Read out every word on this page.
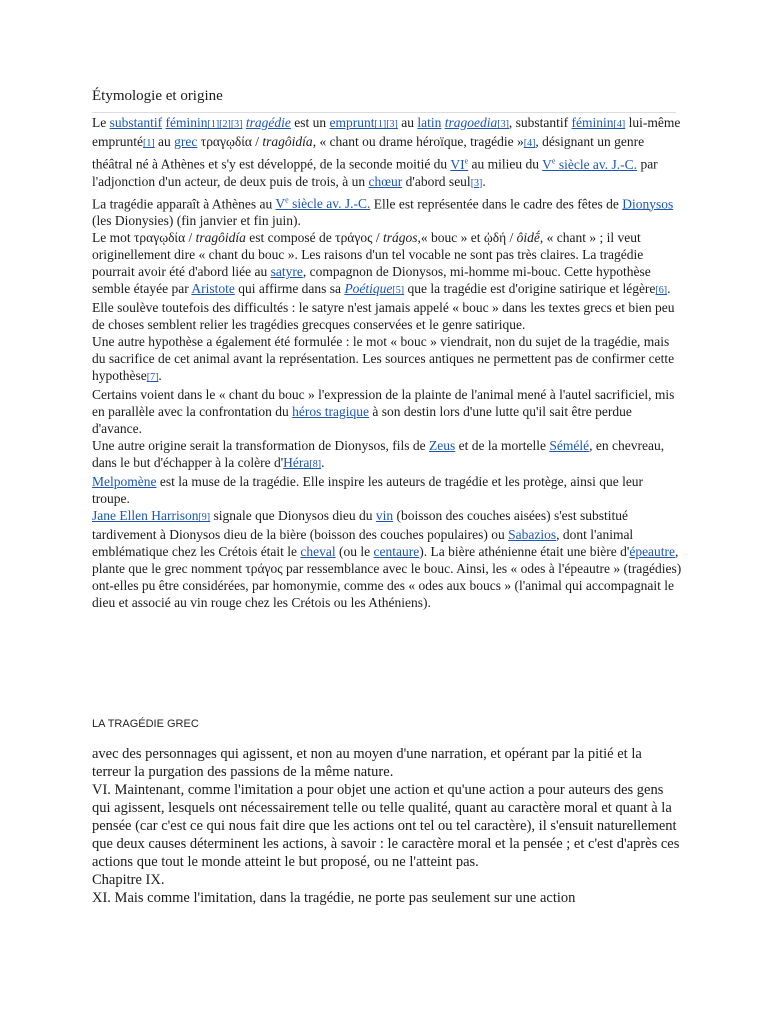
Étymologie et origine

Le substantif féminin[1][2][3] tragédie est un emprunt[1][3] au latin tragoedia[3], substantif féminin[4] lui-même emprunté[1] au grec τραγῳδία / tragôidía, « chant ou drame héroïque, tragédie »[4], désignant un genre théâtral né à Athènes et s'y est développé, de la seconde moitié du VIe au milieu du Ve siècle av. J.-C. par l'adjonction d'un acteur, de deux puis de trois, à un chœur d'abord seul[3].

La tragédie apparaît à Athènes au Ve siècle av. J.-C. Elle est représentée dans le cadre des fêtes de Dionysos (les Dionysies) (fin janvier et fin juin).

Le mot τραγῳδία / tragôidía est composé de τράγος / trágos,« bouc » et ᾠδή / ôidḗ, « chant » ; il veut originellement dire « chant du bouc ». Les raisons d'un tel vocable ne sont pas très claires. La tragédie pourrait avoir été d'abord liée au satyre, compagnon de Dionysos, mi-homme mi-bouc. Cette hypothèse semble étayée par Aristote qui affirme dans sa Poétique[5] que la tragédie est d'origine satirique et légère[6]. Elle soulève toutefois des difficultés : le satyre n'est jamais appelé « bouc » dans les textes grecs et bien peu de choses semblent relier les tragédies grecques conservées et le genre satirique.

Une autre hypothèse a également été formulée : le mot « bouc » viendrait, non du sujet de la tragédie, mais du sacrifice de cet animal avant la représentation. Les sources antiques ne permettent pas de confirmer cette hypothèse[7].

Certains voient dans le « chant du bouc » l'expression de la plainte de l'animal mené à l'autel sacrificiel, mis en parallèle avec la confrontation du héros tragique à son destin lors d'une lutte qu'il sait être perdue d'avance.

Une autre origine serait la transformation de Dionysos, fils de Zeus et de la mortelle Sémélé, en chevreau, dans le but d'échapper à la colère d'Héra[8].

Melpomène est la muse de la tragédie. Elle inspire les auteurs de tragédie et les protège, ainsi que leur troupe.

Jane Ellen Harrison[9] signale que Dionysos dieu du vin (boisson des couches aisées) s'est substitué tardivement à Dionysos dieu de la bière (boisson des couches populaires) ou Sabazios, dont l'animal emblématique chez les Crétois était le cheval (ou le centaure). La bière athénienne était une bière d'épeautre, plante que le grec nomment τράγος par ressemblance avec le bouc. Ainsi, les « odes à l'épeautre » (tragédies) ont-elles pu être considérées, par homonymie, comme des « odes aux boucs » (l'animal qui accompagnait le dieu et associé au vin rouge chez les Crétois ou les Athéniens).

LA TRAGÉDIE GREC

avec des personnages qui agissent, et non au moyen d'une narration, et opérant par la pitié et la terreur la purgation des passions de la même nature.

VI. Maintenant, comme l'imitation a pour objet une action et qu'une action a pour auteurs des gens qui agissent, lesquels ont nécessairement telle ou telle qualité, quant au caractère moral et quant à la pensée (car c'est ce qui nous fait dire que les actions ont tel ou tel caractère), il s'ensuit naturellement que deux causes déterminent les actions, à savoir : le caractère moral et la pensée ; et c'est d'après ces actions que tout le monde atteint le but proposé, ou ne l'atteint pas.

Chapitre IX.

XI. Mais comme l'imitation, dans la tragédie, ne porte pas seulement sur une action
